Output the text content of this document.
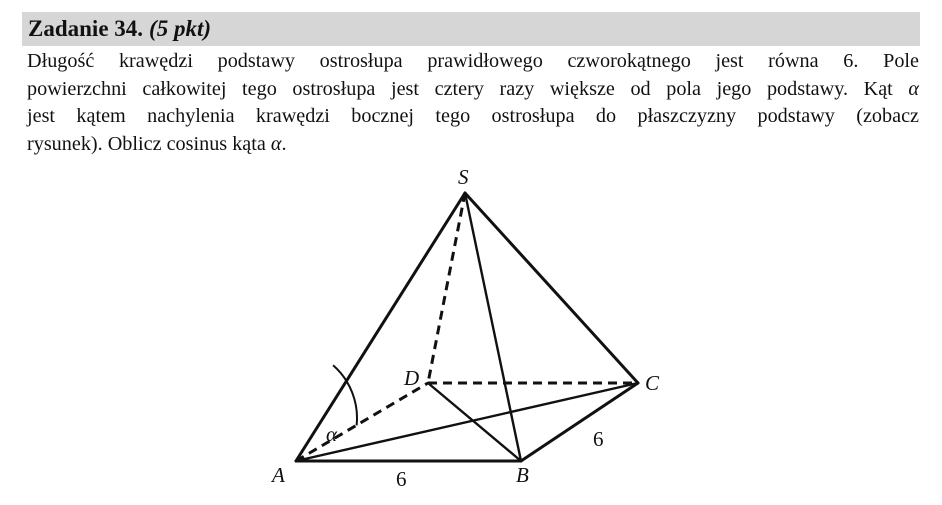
Zadanie 34. (5 pkt)
Długość krawędzi podstawy ostrosłupa prawidłowego czworokątnego jest równa 6. Pole
powierzchni całkowitej tego ostrosłupa jest cztery razy większe od pola jego podstawy. Kąt α
jest kątem nachylenia krawędzi bocznej tego ostrosłupa do płaszczyzny podstawy (zobacz
rysunek). Oblicz cosinus kąta α.
S
A	B
C
D
α
6
6
